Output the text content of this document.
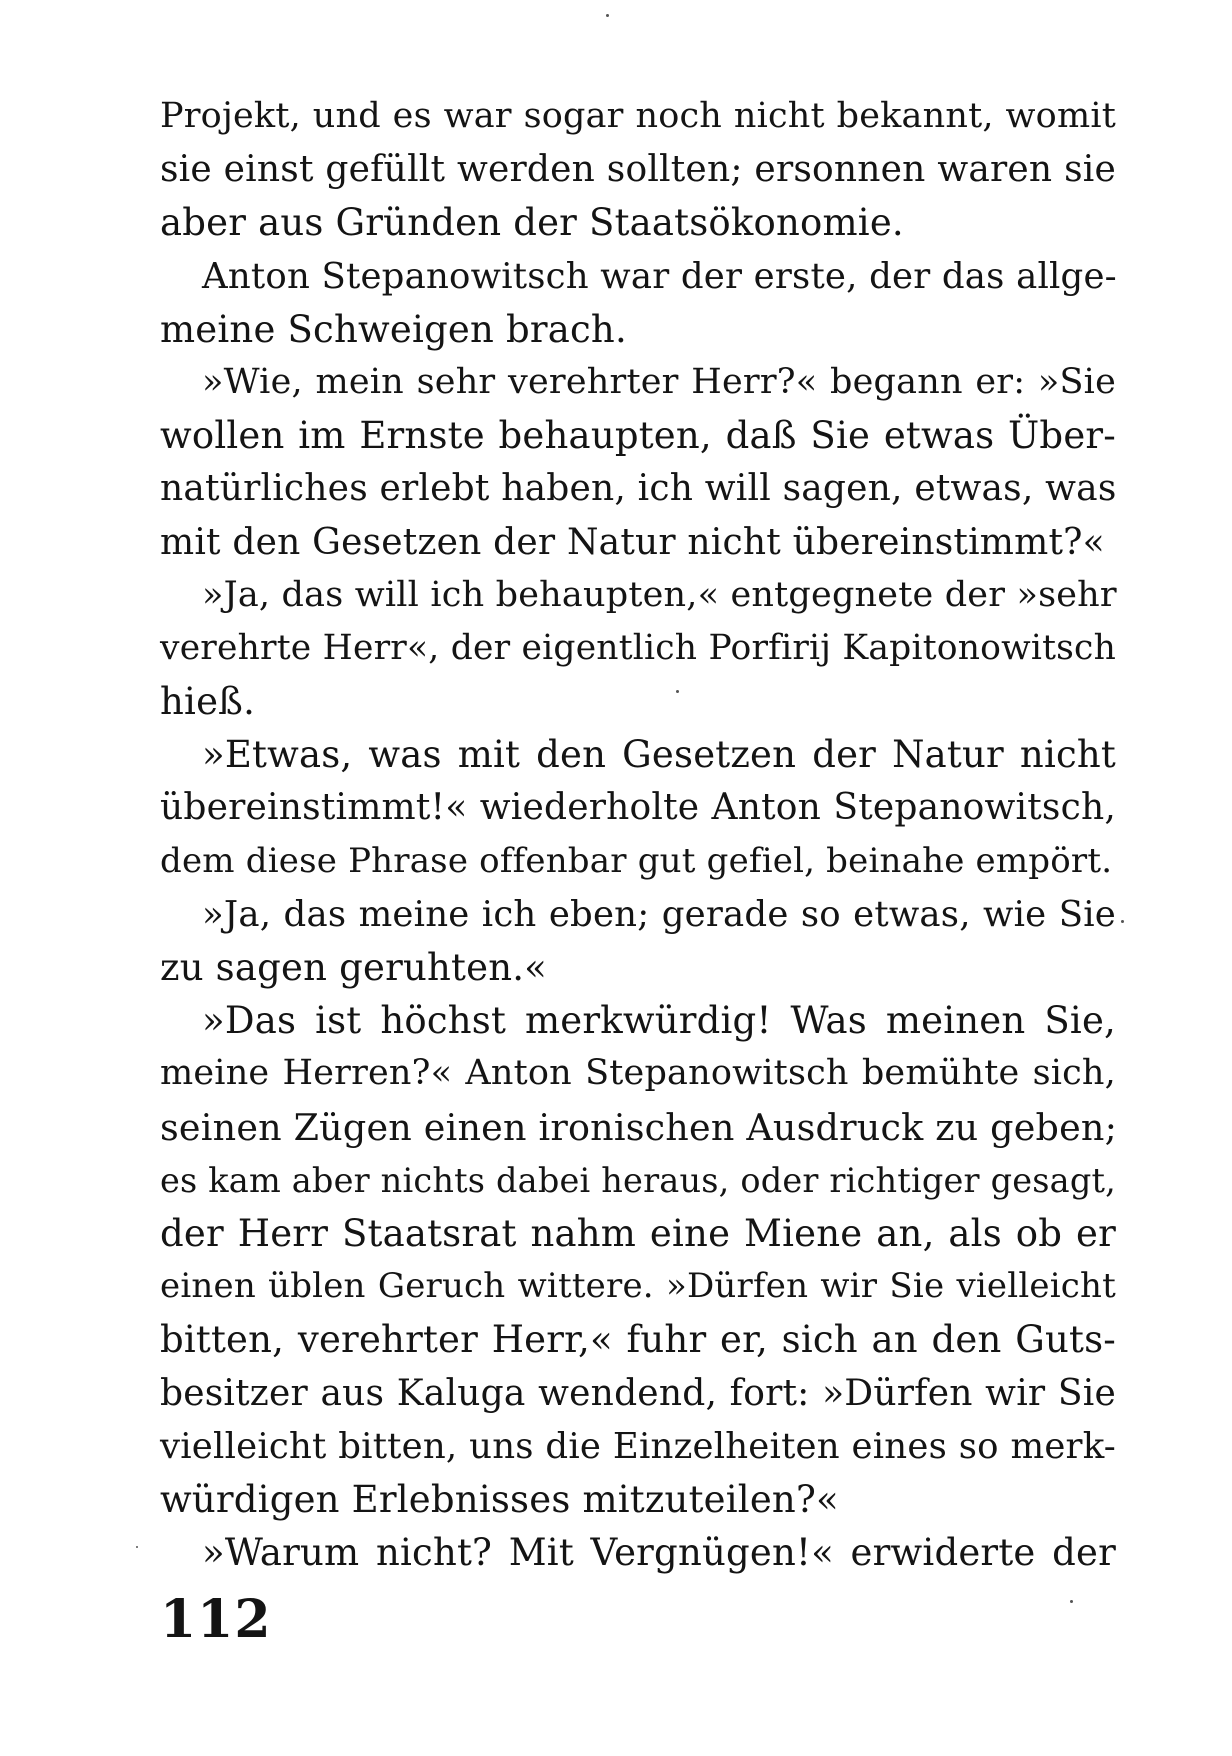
Projekt, und es war sogar noch nicht bekannt, womit
sie einst gefüllt werden sollten; ersonnen waren sie
aber aus Gründen der Staatsökonomie.
Anton Stepanowitsch war der erste, der das allge-
meine Schweigen brach.
»Wie, mein sehr verehrter Herr?« begann er: »Sie
wollen im Ernste behaupten, daß Sie etwas Über-
natürliches erlebt haben, ich will sagen, etwas, was
mit den Gesetzen der Natur nicht übereinstimmt?«
»Ja, das will ich behaupten,« entgegnete der »sehr
verehrte Herr«, der eigentlich Porfirij Kapitonowitsch
hieß.
»Etwas, was mit den Gesetzen der Natur nicht
übereinstimmt!« wiederholte Anton Stepanowitsch,
dem diese Phrase offenbar gut gefiel, beinahe empört.
»Ja, das meine ich eben; gerade so etwas, wie Sie
zu sagen geruhten.«
»Das ist höchst merkwürdig! Was meinen Sie,
meine Herren?« Anton Stepanowitsch bemühte sich,
seinen Zügen einen ironischen Ausdruck zu geben;
es kam aber nichts dabei heraus, oder richtiger gesagt,
der Herr Staatsrat nahm eine Miene an, als ob er
einen üblen Geruch wittere. »Dürfen wir Sie vielleicht
bitten, verehrter Herr,« fuhr er, sich an den Guts-
besitzer aus Kaluga wendend, fort: »Dürfen wir Sie
vielleicht bitten, uns die Einzelheiten eines so merk-
würdigen Erlebnisses mitzuteilen?«
»Warum nicht? Mit Vergnügen!« erwiderte der
112
